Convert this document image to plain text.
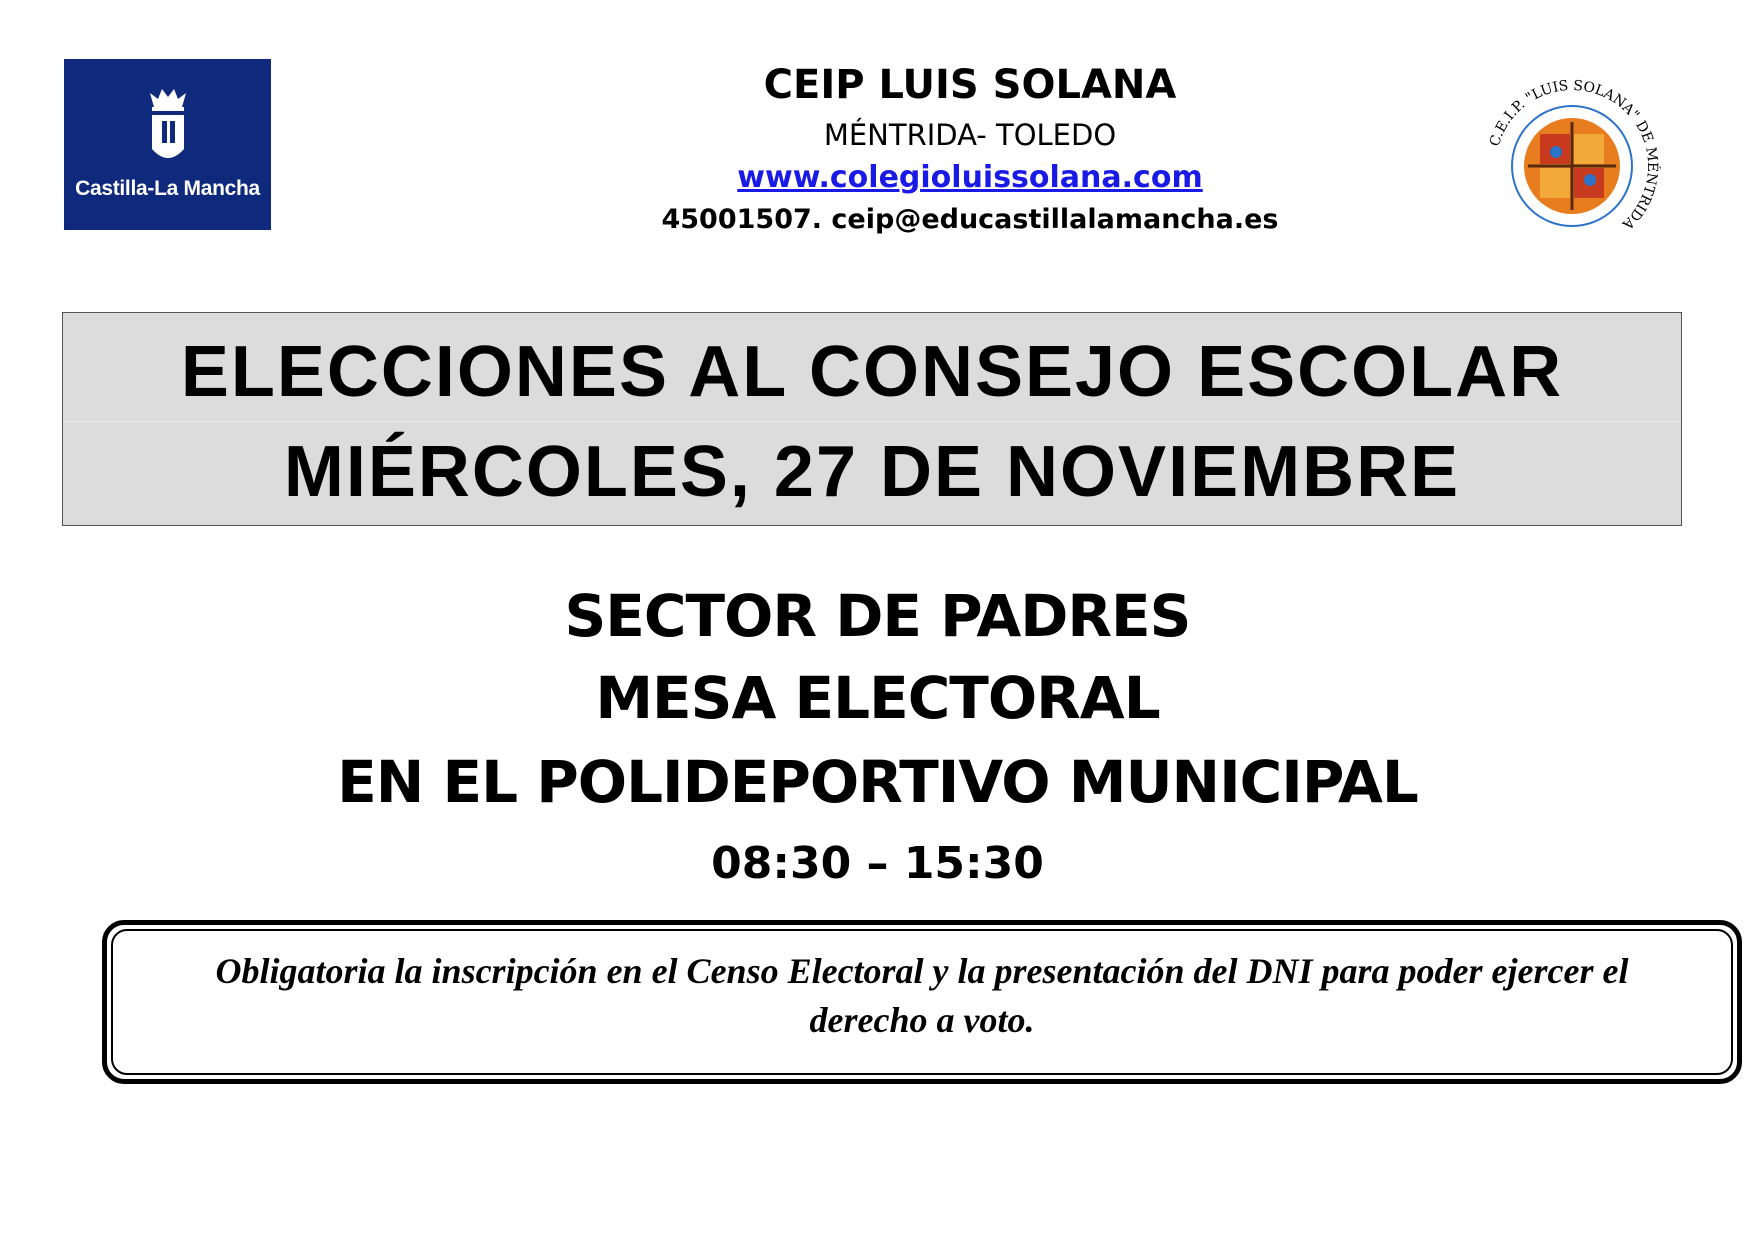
Castilla-La Mancha
CEIP LUIS SOLANA
MÉNTRIDA- TOLEDO
www.colegioluissolana.com
45001507. ceip@educastillalamancha.es
C.E.I.P. "LUIS SOLANA" DE MÉNTRIDA
ELECCIONES AL CONSEJO ESCOLAR
MIÉRCOLES, 27 DE NOVIEMBRE
SECTOR DE PADRES
MESA ELECTORAL
EN EL POLIDEPORTIVO MUNICIPAL
08:30 – 15:30
Obligatoria la inscripción en el Censo Electoral y la presentación del DNI para poder ejercer el derecho a voto.
